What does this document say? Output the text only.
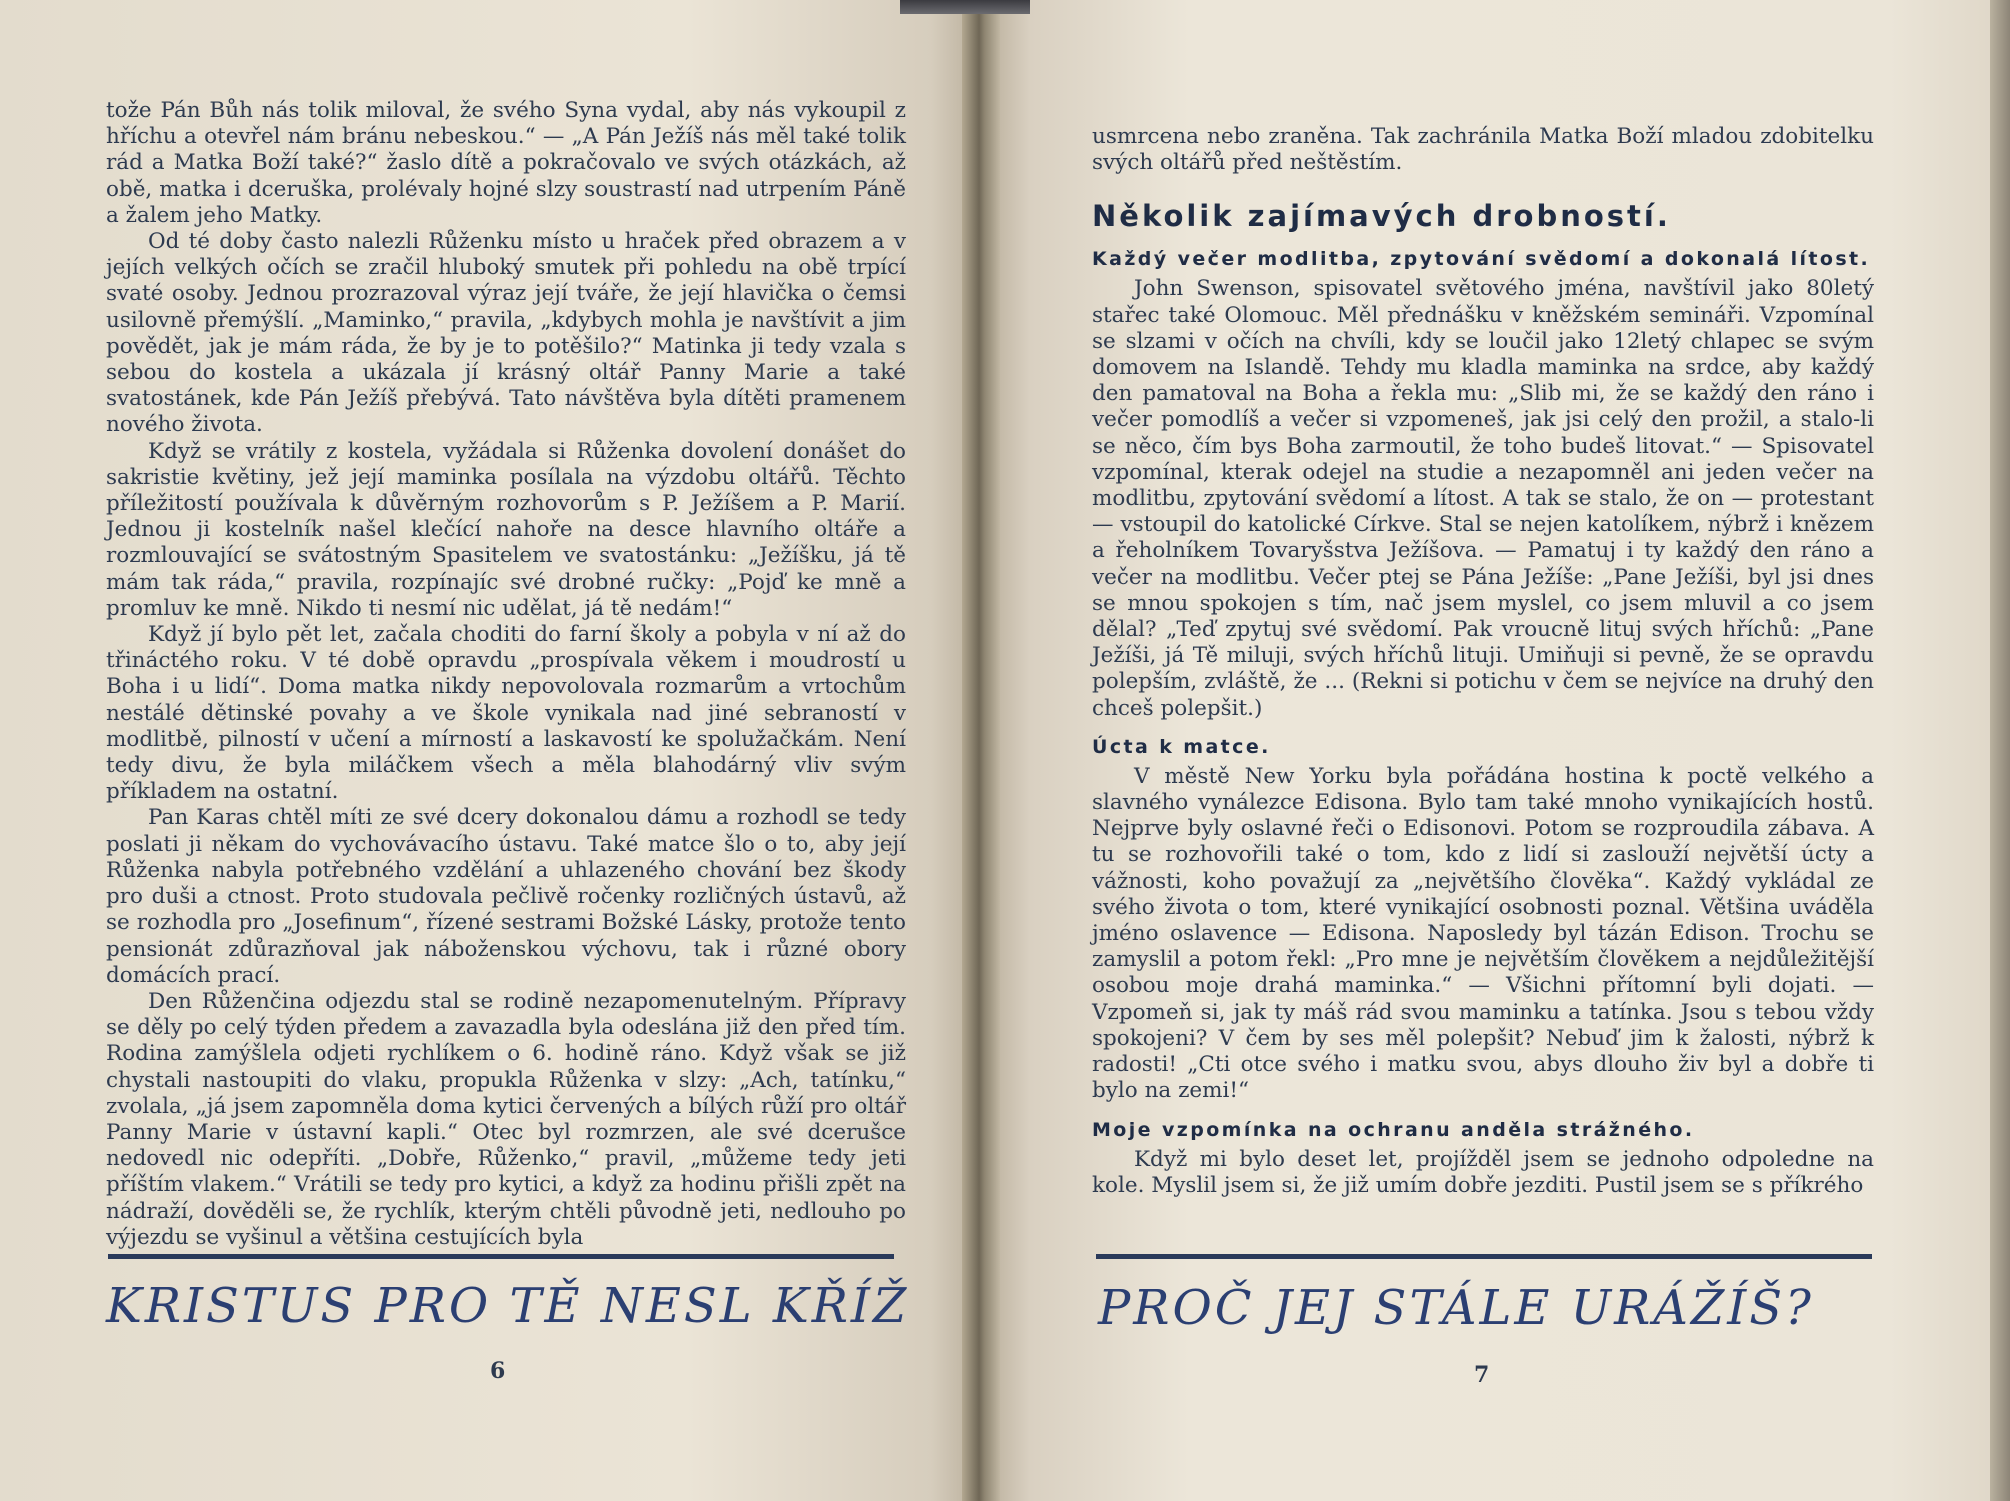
tože Pán Bůh nás tolik miloval, že svého Syna vydal, aby nás vykoupil z hříchu a otevřel nám bránu nebeskou.“ — „A Pán Ježíš nás měl také tolik rád a Matka Boží také?“ žaslo dítě a pokračovalo ve svých otázkách, až obě, matka i dceruška, prolévaly hojné slzy soustrastí nad utrpením Páně a žalem jeho Matky.

Od té doby často nalezli Růženku místo u hraček před obrazem a v jejích velkých očích se zračil hluboký smutek při pohledu na obě trpící svaté osoby. Jednou prozrazoval výraz její tváře, že její hlavička o čemsi usilovně přemýšlí. „Maminko,“ pravila, „kdybych mohla je navštívit a jim povědět, jak je mám ráda, že by je to potěšilo?“ Matinka ji tedy vzala s sebou do kostela a ukázala jí krásný oltář Panny Marie a také svatostánek, kde Pán Ježíš přebývá. Tato návštěva byla dítěti pramenem nového života.

Když se vrátily z kostela, vyžádala si Růženka dovolení donášet do sakristie květiny, jež její maminka posílala na výzdobu oltářů. Těchto příležitostí používala k důvěrným rozhovorům s P. Ježíšem a P. Marií. Jednou ji kostelník našel klečící nahoře na desce hlavního oltáře a rozmlouvající se svátostným Spasitelem ve svatostánku: „Ježíšku, já tě mám tak ráda,“ pravila, rozpínajíc své drobné ručky: „Pojď ke mně a promluv ke mně. Nikdo ti nesmí nic udělat, já tě nedám!“

Když jí bylo pět let, začala choditi do farní školy a pobyla v ní až do třináctého roku. V té době opravdu „prospívala věkem i moudrostí u Boha i u lidí“. Doma matka nikdy nepovolovala rozmarům a vrtochům nestálé dětinské povahy a ve škole vynikala nad jiné sebraností v modlitbě, pilností v učení a mírností a laskavostí ke spolužačkám. Není tedy divu, že byla miláčkem všech a měla blahodárný vliv svým příkladem na ostatní.

Pan Karas chtěl míti ze své dcery dokonalou dámu a rozhodl se tedy poslati ji někam do vychovávacího ústavu. Také matce šlo o to, aby její Růženka nabyla potřebného vzdělání a uhlazeného chování bez škody pro duši a ctnost. Proto studovala pečlivě ročenky rozličných ústavů, až se rozhodla pro „Josefinum“, řízené sestrami Božské Lásky, protože tento pensionát zdůrazňoval jak náboženskou výchovu, tak i různé obory domácích prací.

Den Růženčina odjezdu stal se rodině nezapomenutelným. Přípravy se děly po celý týden předem a zavazadla byla odeslána již den před tím. Rodina zamýšlela odjeti rychlíkem o 6. hodině ráno. Když však se již chystali nastoupiti do vlaku, propukla Růženka v slzy: „Ach, tatínku,“ zvolala, „já jsem zapomněla doma kytici červených a bílých růží pro oltář Panny Marie v ústavní kapli.“ Otec byl rozmrzen, ale své dcerušce nedovedl nic odepříti. „Dobře, Růženko,“ pravil, „můžeme tedy jeti příštím vlakem.“ Vrátili se tedy pro kytici, a když za hodinu přišli zpět na nádraží, dověděli se, že rychlík, kterým chtěli původně jeti, nedlouho po výjezdu se vyšinul a většina cestujících byla

KRISTUS PRO TĚ NESL KŘÍŽ
6

usmrcena nebo zraněna. Tak zachránila Matka Boží mladou zdobitelku svých oltářů před neštěstím.

Několik zajímavých drobností.
Každý večer modlitba, zpytování svědomí a dokonalá lítost.

John Swenson, spisovatel světového jména, navštívil jako 80letý stařec také Olomouc. Měl přednášku v kněžském semináři. Vzpomínal se slzami v očích na chvíli, kdy se loučil jako 12letý chlapec se svým domovem na Islandě. Tehdy mu kladla maminka na srdce, aby každý den pamatoval na Boha a řekla mu: „Slib mi, že se každý den ráno i večer pomodlíš a večer si vzpomeneš, jak jsi celý den prožil, a stalo-li se něco, čím bys Boha zarmoutil, že toho budeš litovat.“ — Spisovatel vzpomínal, kterak odejel na studie a nezapomněl ani jeden večer na modlitbu, zpytování svědomí a lítost. A tak se stalo, že on — protestant — vstoupil do katolické Církve. Stal se nejen katolíkem, nýbrž i knězem a řeholníkem Tovaryšstva Ježíšova. — Pamatuj i ty každý den ráno a večer na modlitbu. Večer ptej se Pána Ježíše: „Pane Ježíši, byl jsi dnes se mnou spokojen s tím, nač jsem myslel, co jsem mluvil a co jsem dělal? „Teď zpytuj své svědomí. Pak vroucně lituj svých hříchů: „Pane Ježíši, já Tě miluji, svých hříchů lituji. Umiňuji si pevně, že se opravdu polepším, zvláště, že ... (Rekni si potichu v čem se nejvíce na druhý den chceš polepšit.)

Úcta k matce.

V městě New Yorku byla pořádána hostina k poctě velkého a slavného vynálezce Edisona. Bylo tam také mnoho vynikajících hostů. Nejprve byly oslavné řeči o Edisonovi. Potom se rozproudila zábava. A tu se rozhovořili také o tom, kdo z lidí si zaslouží největší úcty a vážnosti, koho považují za „největšího člověka“. Každý vykládal ze svého života o tom, které vynikající osobnosti poznal. Většina uváděla jméno oslavence — Edisona. Naposledy byl tázán Edison. Trochu se zamyslil a potom řekl: „Pro mne je největším člověkem a nejdůležitější osobou moje drahá maminka.“ — Všichni přítomní byli dojati. — Vzpomeň si, jak ty máš rád svou maminku a tatínka. Jsou s tebou vždy spokojeni? V čem by ses měl polepšit? Nebuď jim k žalosti, nýbrž k radosti! „Cti otce svého i matku svou, abys dlouho živ byl a dobře ti bylo na zemi!“

Moje vzpomínka na ochranu anděla strážného.

Když mi bylo deset let, projížděl jsem se jednoho odpoledne na kole. Myslil jsem si, že již umím dobře jezditi. Pustil jsem se s příkrého

PROČ JEJ STÁLE URÁŽÍŠ?
7
